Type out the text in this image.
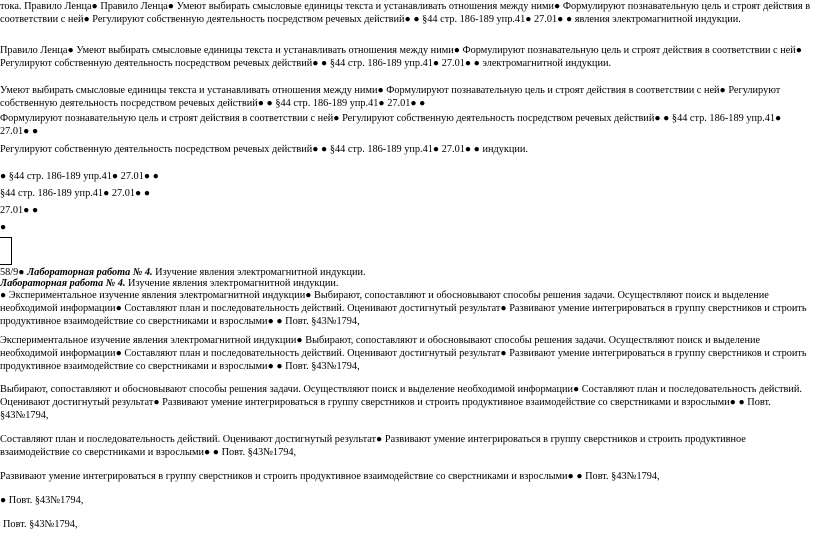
тока. Правило Ленца● Правило Ленца● Умеют выбирать смысловые единицы текста и устанавливать отношения между ними● Формулируют познавательную цель и строят действия в соответствии с ней● Регулируют собственную деятельность посредством речевых действий● ● §44 стр. 186-189 упр.41● 27.01● ● явления электромагнитной индукции.

Правило Ленца● Умеют выбирать смысловые единицы текста и устанавливать отношения между ними● Формулируют познавательную цель и строят действия в соответствии с ней● Регулируют собственную деятельность посредством речевых действий● ● §44 стр. 186-189 упр.41● 27.01● ● электромагнитной индукции.

Умеют выбирать смысловые единицы текста и устанавливать отношения между ними● Формулируют познавательную цель и строят действия в соответствии с ней● Регулируют собственную деятельность посредством речевых действий● ● §44 стр. 186-189 упр.41● 27.01● ●

Формулируют познавательную цель и строят действия в соответствии с ней● Регулируют собственную деятельность посредством речевых действий● ● §44 стр. 186-189 упр.41● 27.01● ●

Регулируют собственную деятельность посредством речевых действий● ● §44 стр. 186-189 упр.41● 27.01● ● индукции.

● §44 стр. 186-189 упр.41● 27.01● ●

§44 стр. 186-189 упр.41● 27.01● ●

27.01● ●

●

58/9● Лабораторная работа № 4. Изучение явления электромагнитной индукции.

Лабораторная работа № 4. Изучение явления электромагнитной индукции.

● Экспериментальное изучение явления электромагнитной индукции● Выбирают, сопоставляют и обосновывают способы решения задачи. Осуществляют поиск и выделение необходимой информации● Составляют план и последовательность действий. Оценивают достигнутый результат● Развивают умение интегрироваться в группу сверстников и строить продуктивное взаимодействие со сверстниками и взрослыми● ● Повт. §43№1794,

Экспериментальное изучение явления электромагнитной индукции● Выбирают, сопоставляют и обосновывают способы решения задачи. Осуществляют поиск и выделение необходимой информации● Составляют план и последовательность действий. Оценивают достигнутый результат● Развивают умение интегрироваться в группу сверстников и строить продуктивное взаимодействие со сверстниками и взрослыми● ● Повт. §43№1794,

Выбирают, сопоставляют и обосновывают способы решения задачи. Осуществляют поиск и выделение необходимой информации● Составляют план и последовательность действий. Оценивают достигнутый результат● Развивают умение интегрироваться в группу сверстников и строить продуктивное взаимодействие со сверстниками и взрослыми● ● Повт. §43№1794,

Составляют план и последовательность действий. Оценивают достигнутый результат● Развивают умение интегрироваться в группу сверстников и строить продуктивное взаимодействие со сверстниками и взрослыми● ● Повт. §43№1794,

Развивают умение интегрироваться в группу сверстников и строить продуктивное взаимодействие со сверстниками и взрослыми● ● Повт. §43№1794,

● Повт. §43№1794,

Повт. §43№1794,
